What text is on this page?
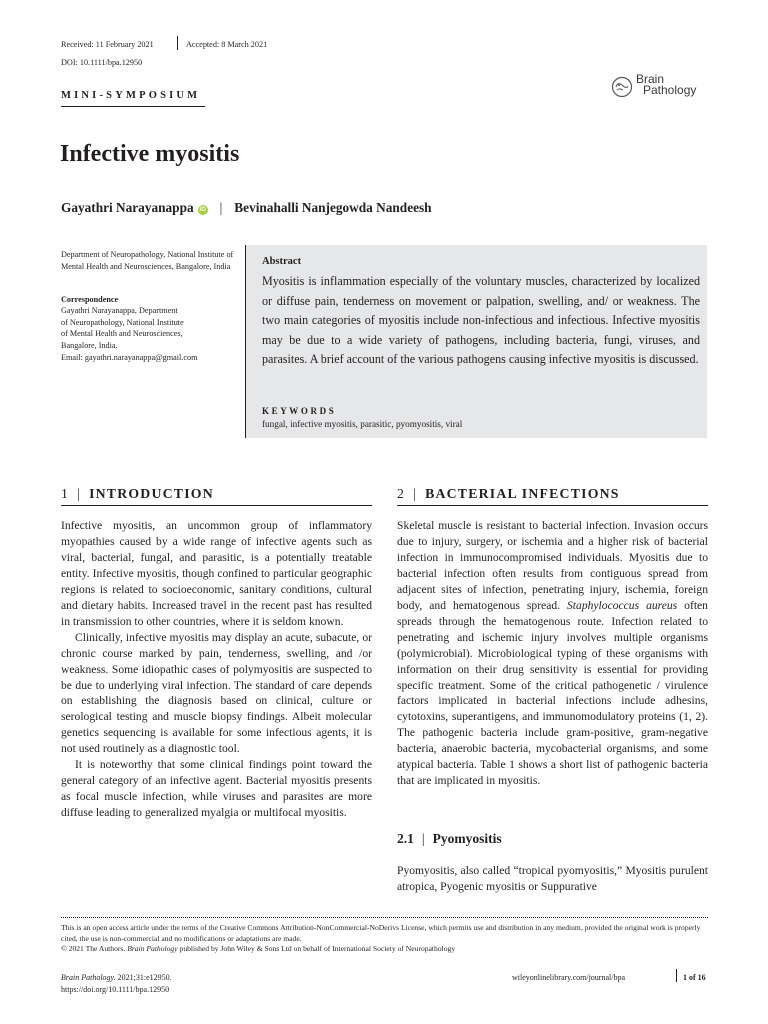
Received: 11 February 2021	Accepted: 8 March 2021
DOI: 10.1111/bpa.12950
Brain
Pathology
MINI-SYMPOSIUM
Infective myositis
Gayathri Narayanappa iD | Bevinahalli Nanjegowda Nandeesh
Department of Neuropathology, National Institute of Mental Health and Neurosciences, Bangalore, India
Correspondence
Gayathri Narayanappa, Department
of Neuropathology, National Institute
of Mental Health and Neurosciences,
Bangalore, India.
Email: gayathri.narayanappa@gmail.com
Abstract
Myositis is inflammation especially of the voluntary muscles, characterized by localized or diffuse pain, tenderness on movement or palpation, swelling, and/ or weakness. The two main categories of myositis include non-infectious and infectious. Infective myositis may be due to a wide variety of pathogens, including bacteria, fungi, viruses, and parasites. A brief account of the various pathogens causing infective myositis is discussed.
KEYWORDS
fungal, infective myositis, parasitic, pyomyositis, viral
1 | INTRODUCTION

Infective myositis, an uncommon group of inflammatory myopathies caused by a wide range of infective agents such as viral, bacterial, fungal, and parasitic, is a potentially treatable entity. Infective myositis, though confined to particular geographic regions is related to socioeconomic, sanitary conditions, cultural and dietary habits. Increased travel in the recent past has resulted in transmission to other countries, where it is seldom known.

Clinically, infective myositis may display an acute, subacute, or chronic course marked by pain, tenderness, swelling, and /or weakness. Some idiopathic cases of polymyositis are suspected to be due to underlying viral infection. The standard of care depends on establishing the diagnosis based on clinical, culture or serological testing and muscle biopsy findings. Albeit molecular genetics sequencing is available for some infectious agents, it is not used routinely as a diagnostic tool.

It is noteworthy that some clinical findings point toward the general category of an infective agent. Bacterial myositis presents as focal muscle infection, while viruses and parasites are more diffuse leading to generalized myalgia or multifocal myositis.

2 | BACTERIAL INFECTIONS

Skeletal muscle is resistant to bacterial infection. Invasion occurs due to injury, surgery, or ischemia and a higher risk of bacterial infection in immunocompromised individuals. Myositis due to bacterial infection often results from contiguous spread from adjacent sites of infection, penetrating injury, ischemia, foreign body, and hematogenous spread. Staphylococcus aureus often spreads through the hematogenous route. Infection related to penetrating and ischemic injury involves multiple organisms (polymicrobial). Microbiological typing of these organisms with information on their drug sensitivity is essential for providing specific treatment. Some of the critical pathogenetic / virulence factors implicated in bacterial infections include adhesins, cytotoxins, superantigens, and immunomodulatory proteins (1, 2). The pathogenic bacteria include gram-positive, gram-negative bacteria, anaerobic bacteria, mycobacterial organisms, and some atypical bacteria. Table 1 shows a short list of pathogenic bacteria that are implicated in myositis.

2.1 | Pyomyositis

Pyomyositis, also called “tropical pyomyositis,” Myositis purulent atropica, Pyogenic myositis or Suppurative

This is an open access article under the terms of the Creative Commons Attribution-NonCommercial-NoDerivs License, which permits use and distribution in any medium, provided the original work is properly cited, the use is non-commercial and no modifications or adaptations are made.
© 2021 The Authors. Brain Pathology published by John Wiley & Sons Ltd on behalf of International Society of Neuropathology
Brain Pathology. 2021;31:e12950.
https://doi.org/10.1111/bpa.12950
wileyonlinelibrary.com/journal/bpa	1 of 16
